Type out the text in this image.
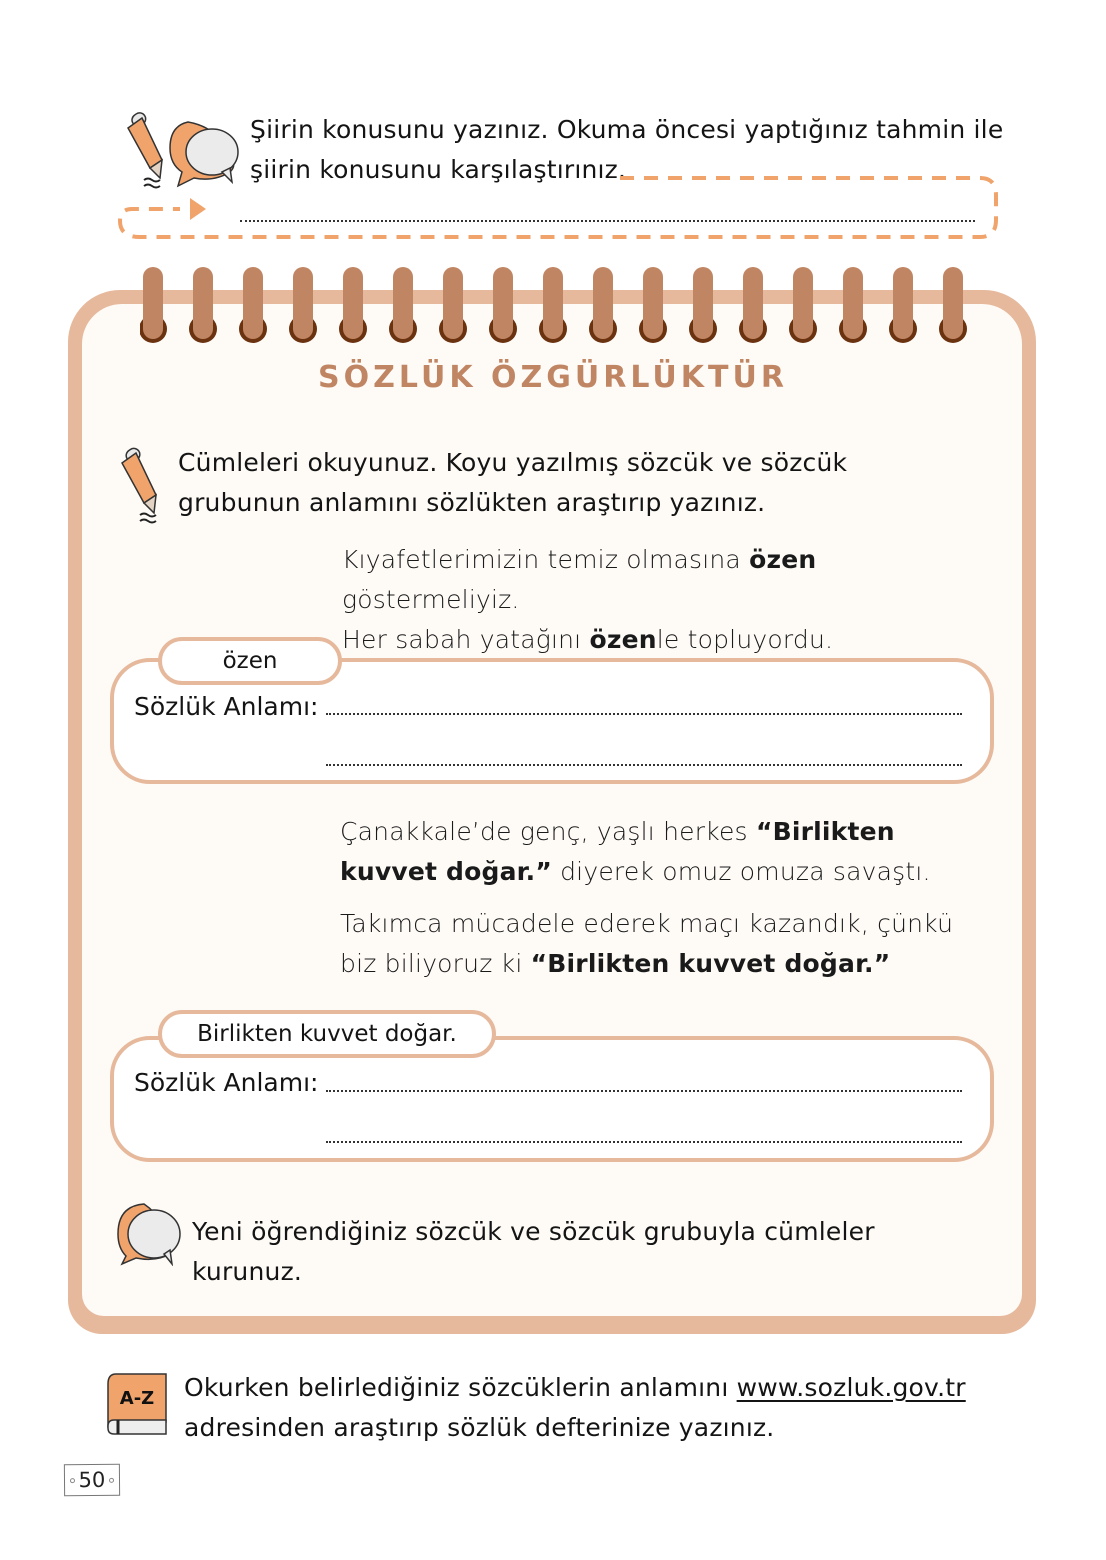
Şiirin konusunu yazınız. Okuma öncesi yaptığınız tahmin ile şiirin konusunu karşılaştırınız.
SÖZLÜK ÖZGÜRLÜKTÜR
Cümleleri okuyunuz. Koyu yazılmış sözcük ve sözcük grubunun anlamını sözlükten araştırıp yazınız.
Kıyafetlerimizin temiz olmasına özen göstermeliyiz.
Her sabah yatağını özenle topluyordu.
özen
Sözlük Anlamı:
Çanakkale’de genç, yaşlı herkes “Birlikten kuvvet doğar.” diyerek omuz omuza savaştı.
Takımca mücadele ederek maçı kazandık, çünkü biz biliyoruz ki “Birlikten kuvvet doğar.”
Birlikten kuvvet doğar.
Sözlük Anlamı:
Yeni öğrendiğiniz sözcük ve sözcük grubuyla cümleler kurunuz.
A-Z Okurken belirlediğiniz sözcüklerin anlamını www.sozluk.gov.tr adresinden araştırıp sözlük defterinize yazınız.
50
